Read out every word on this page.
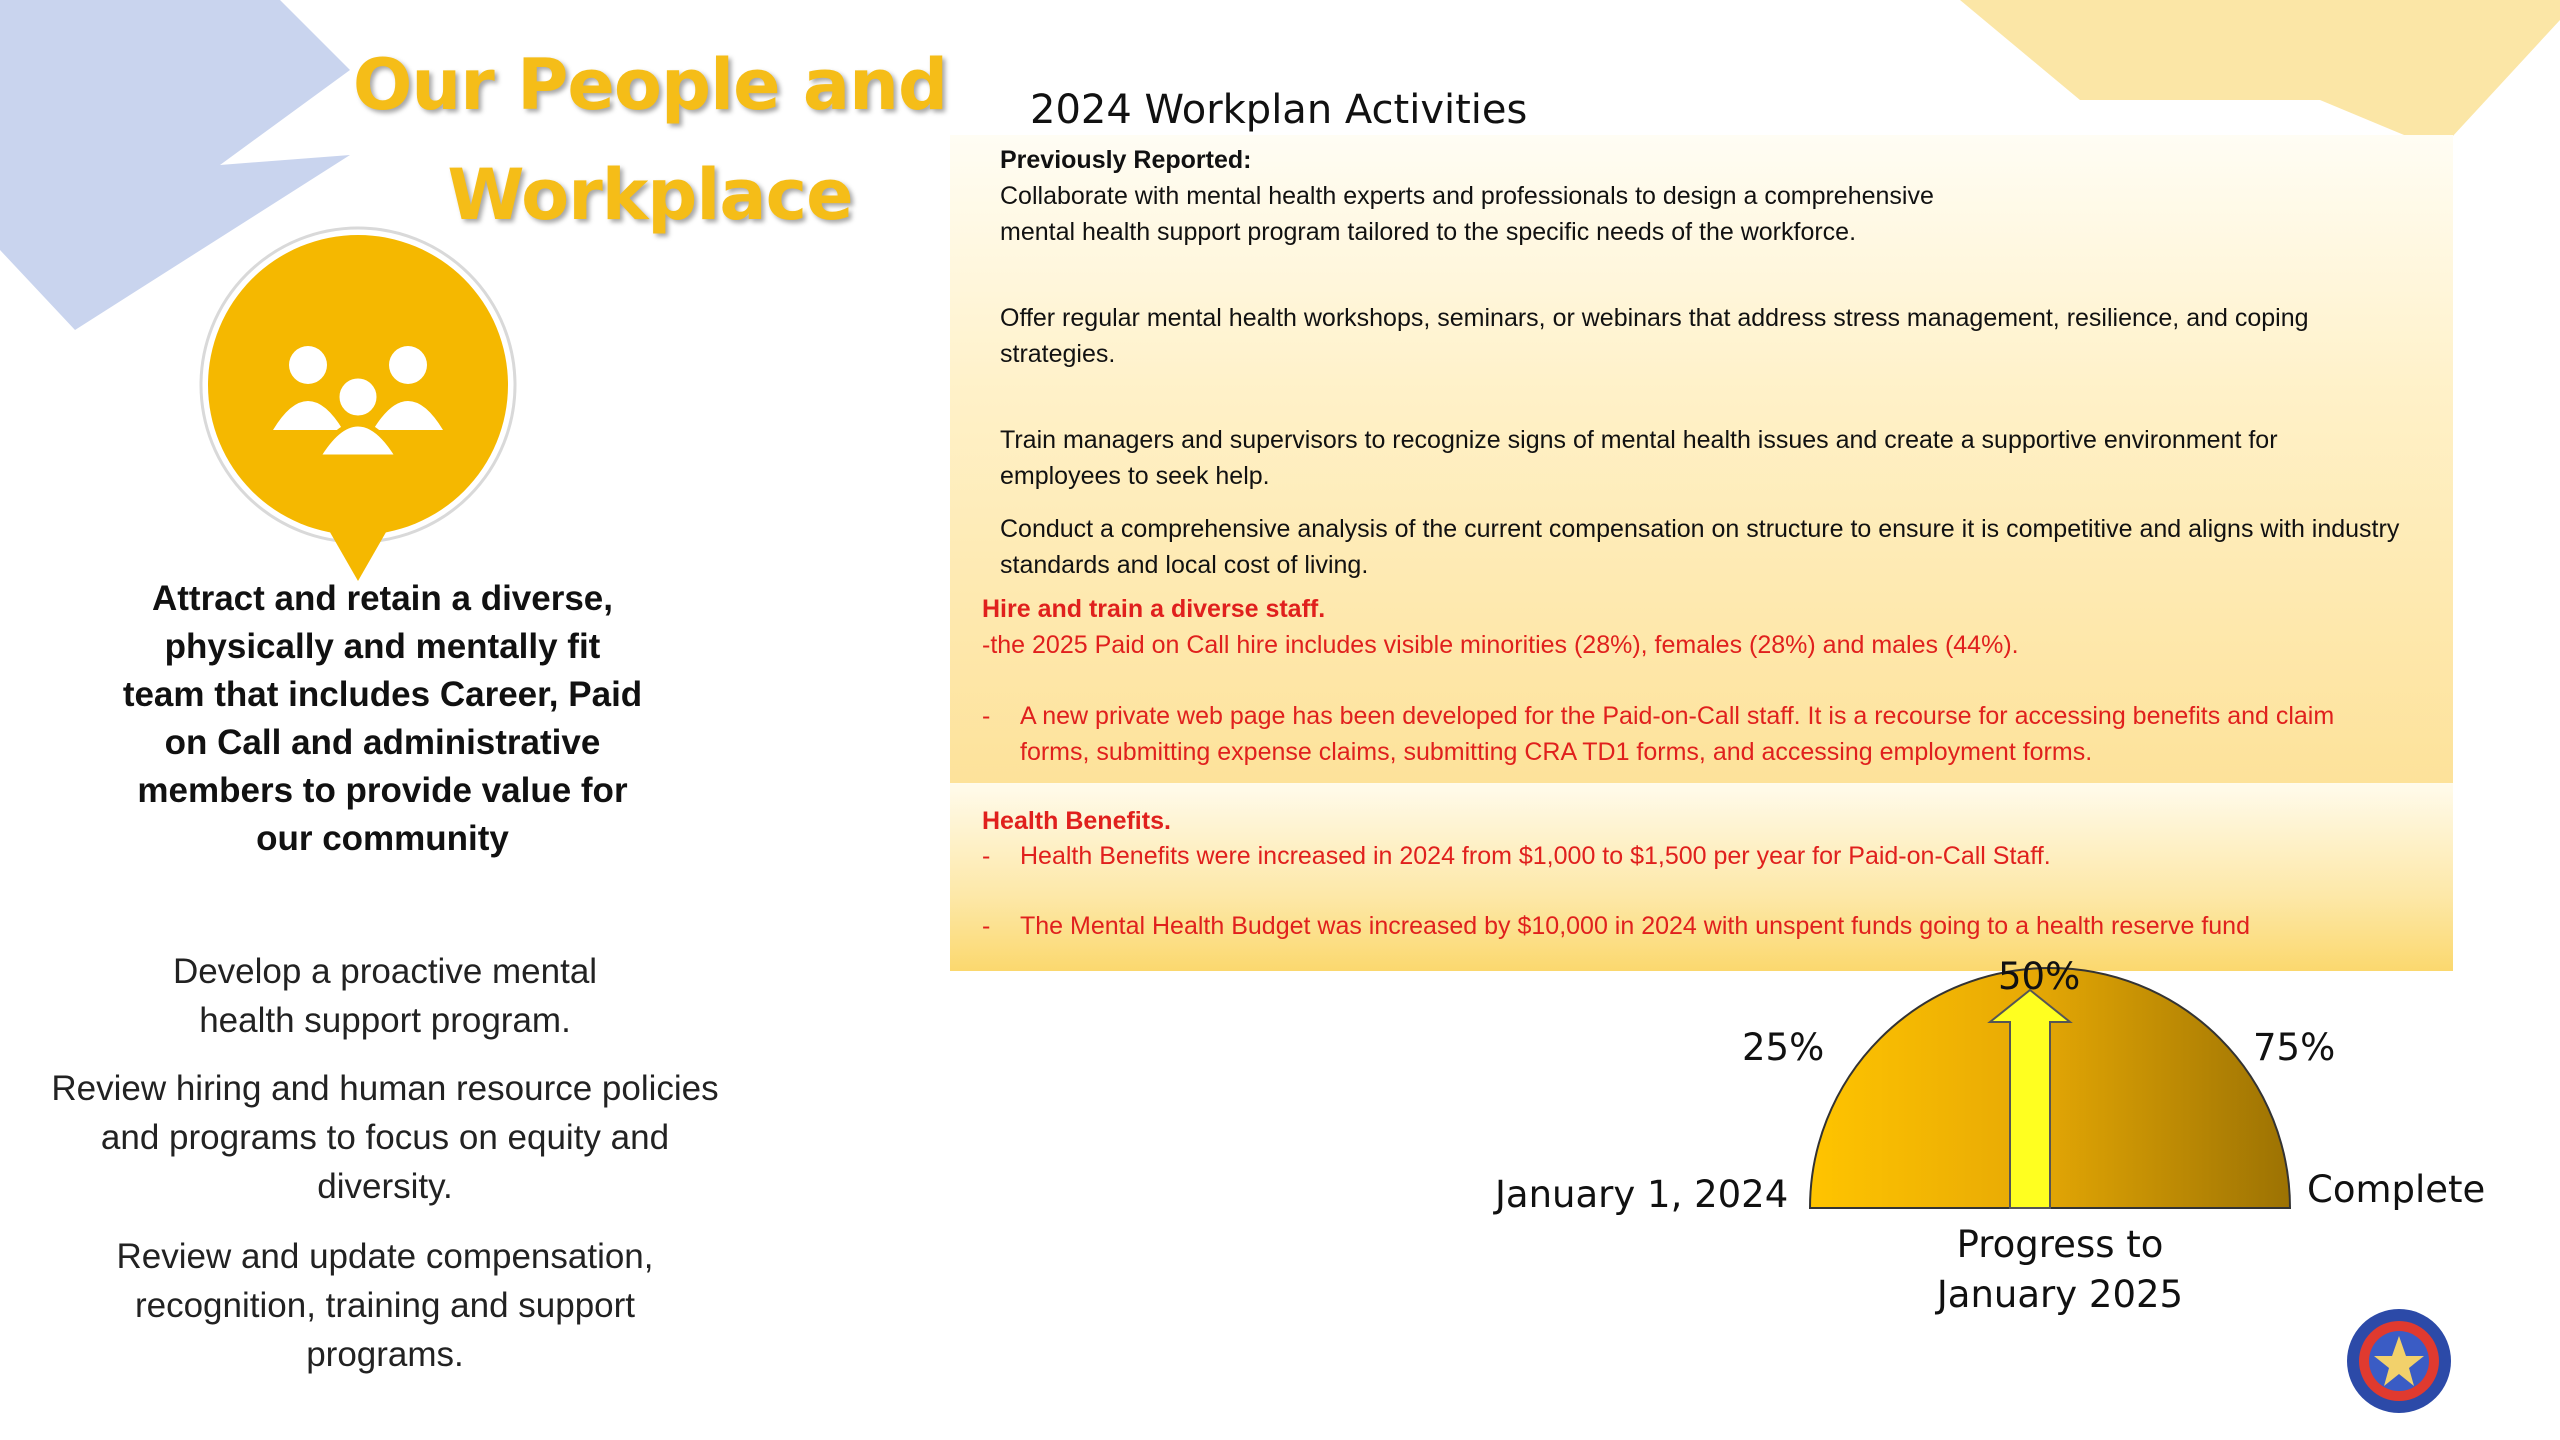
Our People and
Workplace
Attract and retain a diverse, physically and mentally fit team that includes Career, Paid on Call and administrative members to provide value for our community
Develop a proactive mental health support program.
Review hiring and human resource policies and programs to focus on equity and diversity.
Review and update compensation, recognition, training and support programs.
2024 Workplan Activities
Previously Reported:
Collaborate with mental health experts and professionals to design a comprehensive mental health support program tailored to the specific needs of the workforce.
Offer regular mental health workshops, seminars, or webinars that address stress management, resilience, and coping strategies.
Train managers and supervisors to recognize signs of mental health issues and create a supportive environment for employees to seek help.
Conduct a comprehensive analysis of the current compensation on structure to ensure it is competitive and aligns with industry standards and local cost of living.
Hire and train a diverse staff.
-the 2025 Paid on Call hire includes visible minorities (28%), females (28%) and males (44%).
- A new private web page has been developed for the Paid-on-Call staff. It is a recourse for accessing benefits and claim forms, submitting expense claims, submitting CRA TD1 forms, and accessing employment forms.
Health Benefits.
- Health Benefits were increased in 2024 from $1,000 to $1,500 per year for Paid-on-Call Staff.
- The Mental Health Budget was increased by $10,000 in 2024 with unspent funds going to a health reserve fund
25%
50%
75%
January 1, 2024	Complete
Progress to
January 2025
